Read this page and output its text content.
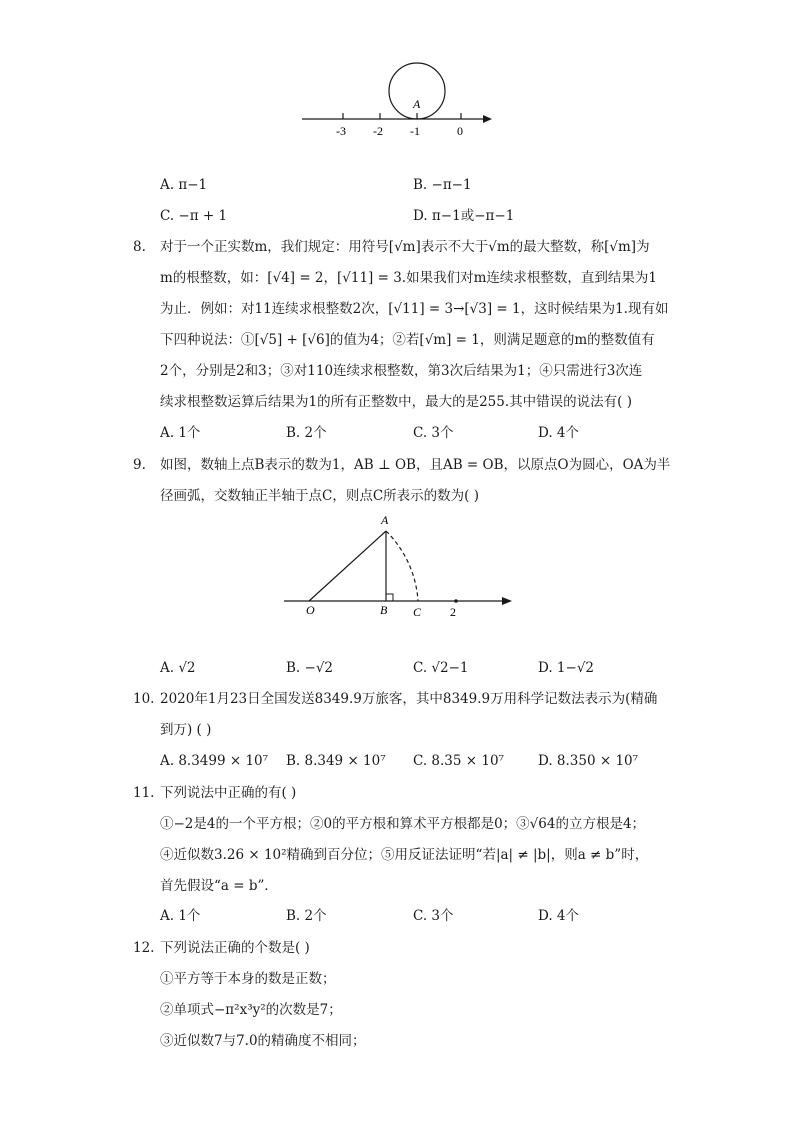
A
-3 -2 -1	0
A. π−1	B. −π−1
C. −π + 1	D. π−1或−π−1
8. 对于一个正实数m，我们规定：用符号[√m]表示不大于√m的最大整数，称[√m]为
m的根整数，如：[√4] = 2，[√11] = 3.如果我们对m连续求根整数，直到结果为1
为止．例如：对11连续求根整数2次，[√11] = 3→[√3] = 1，这时候结果为1.现有如
下四种说法：①[√5] + [√6]的值为4；②若[√m] = 1，则满足题意的m的整数值有
2个，分别是2和3；③对110连续求根整数，第3次后结果为1；④只需进行3次连
续求根整数运算后结果为1的所有正整数中，最大的是255.其中错误的说法有( )
A. 1个	B. 2个	C. 3个	D. 4个
9. 如图，数轴上点B表示的数为1，AB ⊥ OB，且AB = OB，以原点O为圆心，OA为半
径画弧，交数轴正半轴于点C，则点C所表示的数为( )
A
O	B C 2
A. √2	B. −√2	C. √2−1	D. 1−√2
10. 2020年1月23日全国发送8349.9万旅客，其中8349.9万用科学记数法表示为(精确
到万) ( )
A. 8.3499 × 10⁷ B. 8.349 × 10⁷ C. 8.35 × 10⁷	D. 8.350 × 10⁷
11. 下列说法中正确的有( )
①−2是4的一个平方根；②0的平方根和算术平方根都是0；③√64的立方根是4；
④近似数3.26 × 10²精确到百分位；⑤用反证法证明“若|a| ≠ |b|，则a ≠ b”时，
首先假设“a = b”．
A. 1个	B. 2个	C. 3个	D. 4个
12. 下列说法正确的个数是( )
①平方等于本身的数是正数；
②单项式−π²x³y²的次数是7；
③近似数7与7.0的精确度不相同；
